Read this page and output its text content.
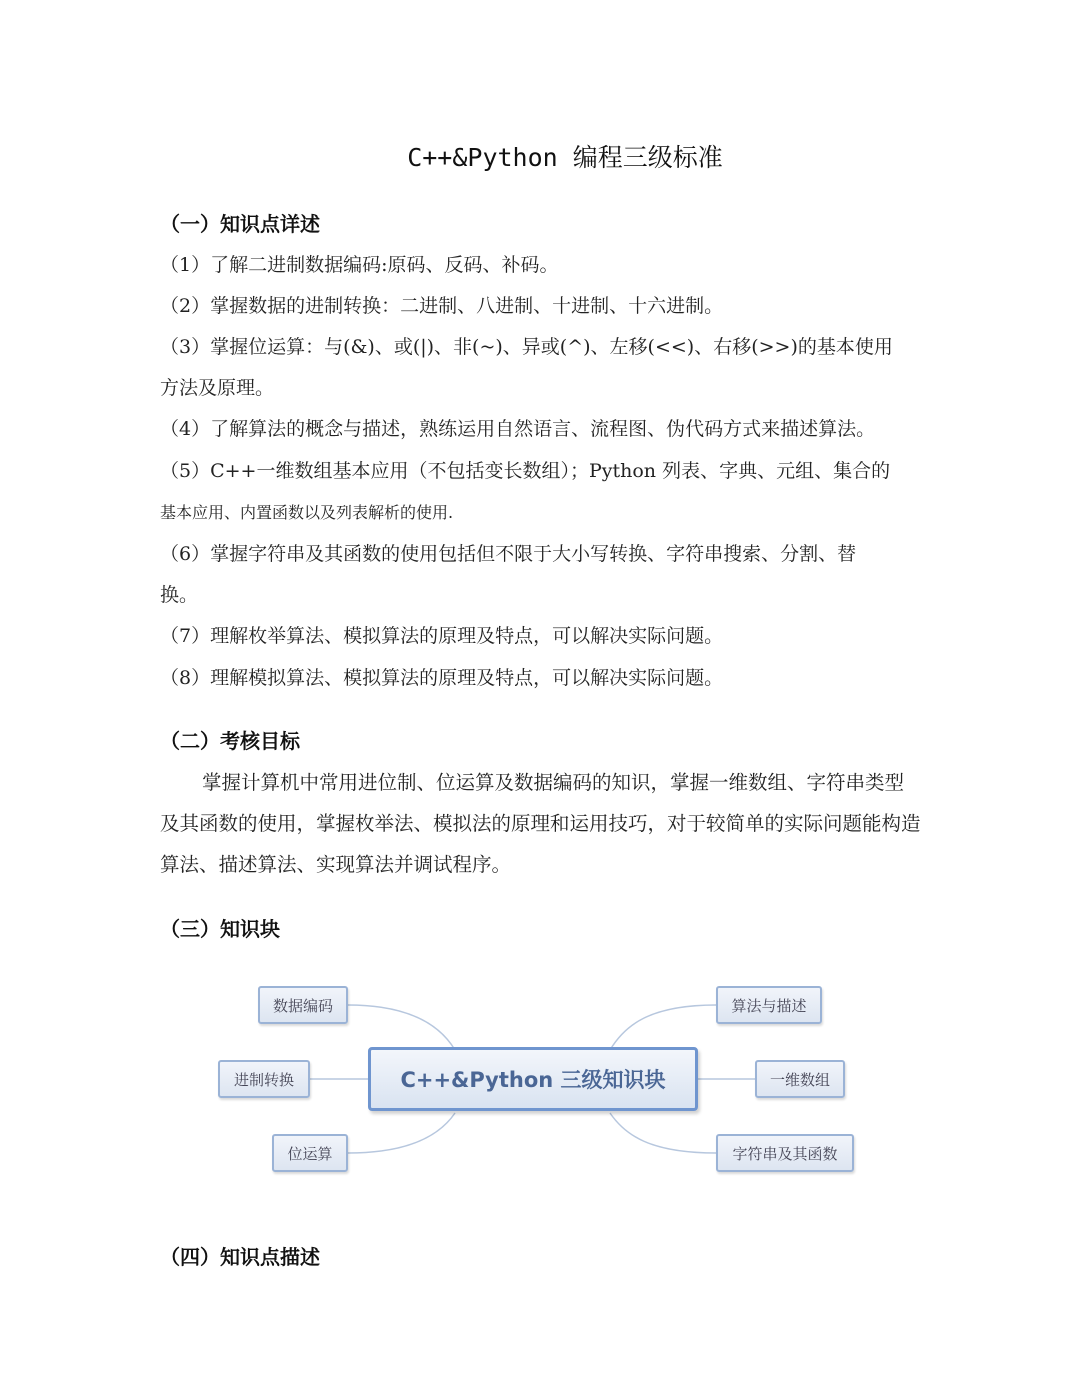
C++&Python 编程三级标准
（一）知识点详述
（1）了解二进制数据编码:原码、反码、补码。
（2）掌握数据的进制转换：二进制、八进制、十进制、十六进制。
（3）掌握位运算：与(&)、或(|)、非(~)、异或(^)、左移(<<)、右移(>>)的基本使用
方法及原理。
（4）了解算法的概念与描述，熟练运用自然语言、流程图、伪代码方式来描述算法。
（5）C++一维数组基本应用（不包括变长数组）；Python 列表、字典、元组、集合的
基本应用、内置函数以及列表解析的使用.
（6）掌握字符串及其函数的使用包括但不限于大小写转换、字符串搜索、分割、替
换。
（7）理解枚举算法、模拟算法的原理及特点，可以解决实际问题。
（8）理解模拟算法、模拟算法的原理及特点，可以解决实际问题。
（二）考核目标
掌握计算机中常用进位制、位运算及数据编码的知识，掌握一维数组、字符串类型及其函数的使用，掌握枚举法、模拟法的原理和运用技巧，对于较简单的实际问题能构造算法、描述算法、实现算法并调试程序。
（三）知识块
数据编码
进制转换
位运算
C++&Python 三级知识块
算法与描述
一维数组
字符串及其函数
（四）知识点描述
